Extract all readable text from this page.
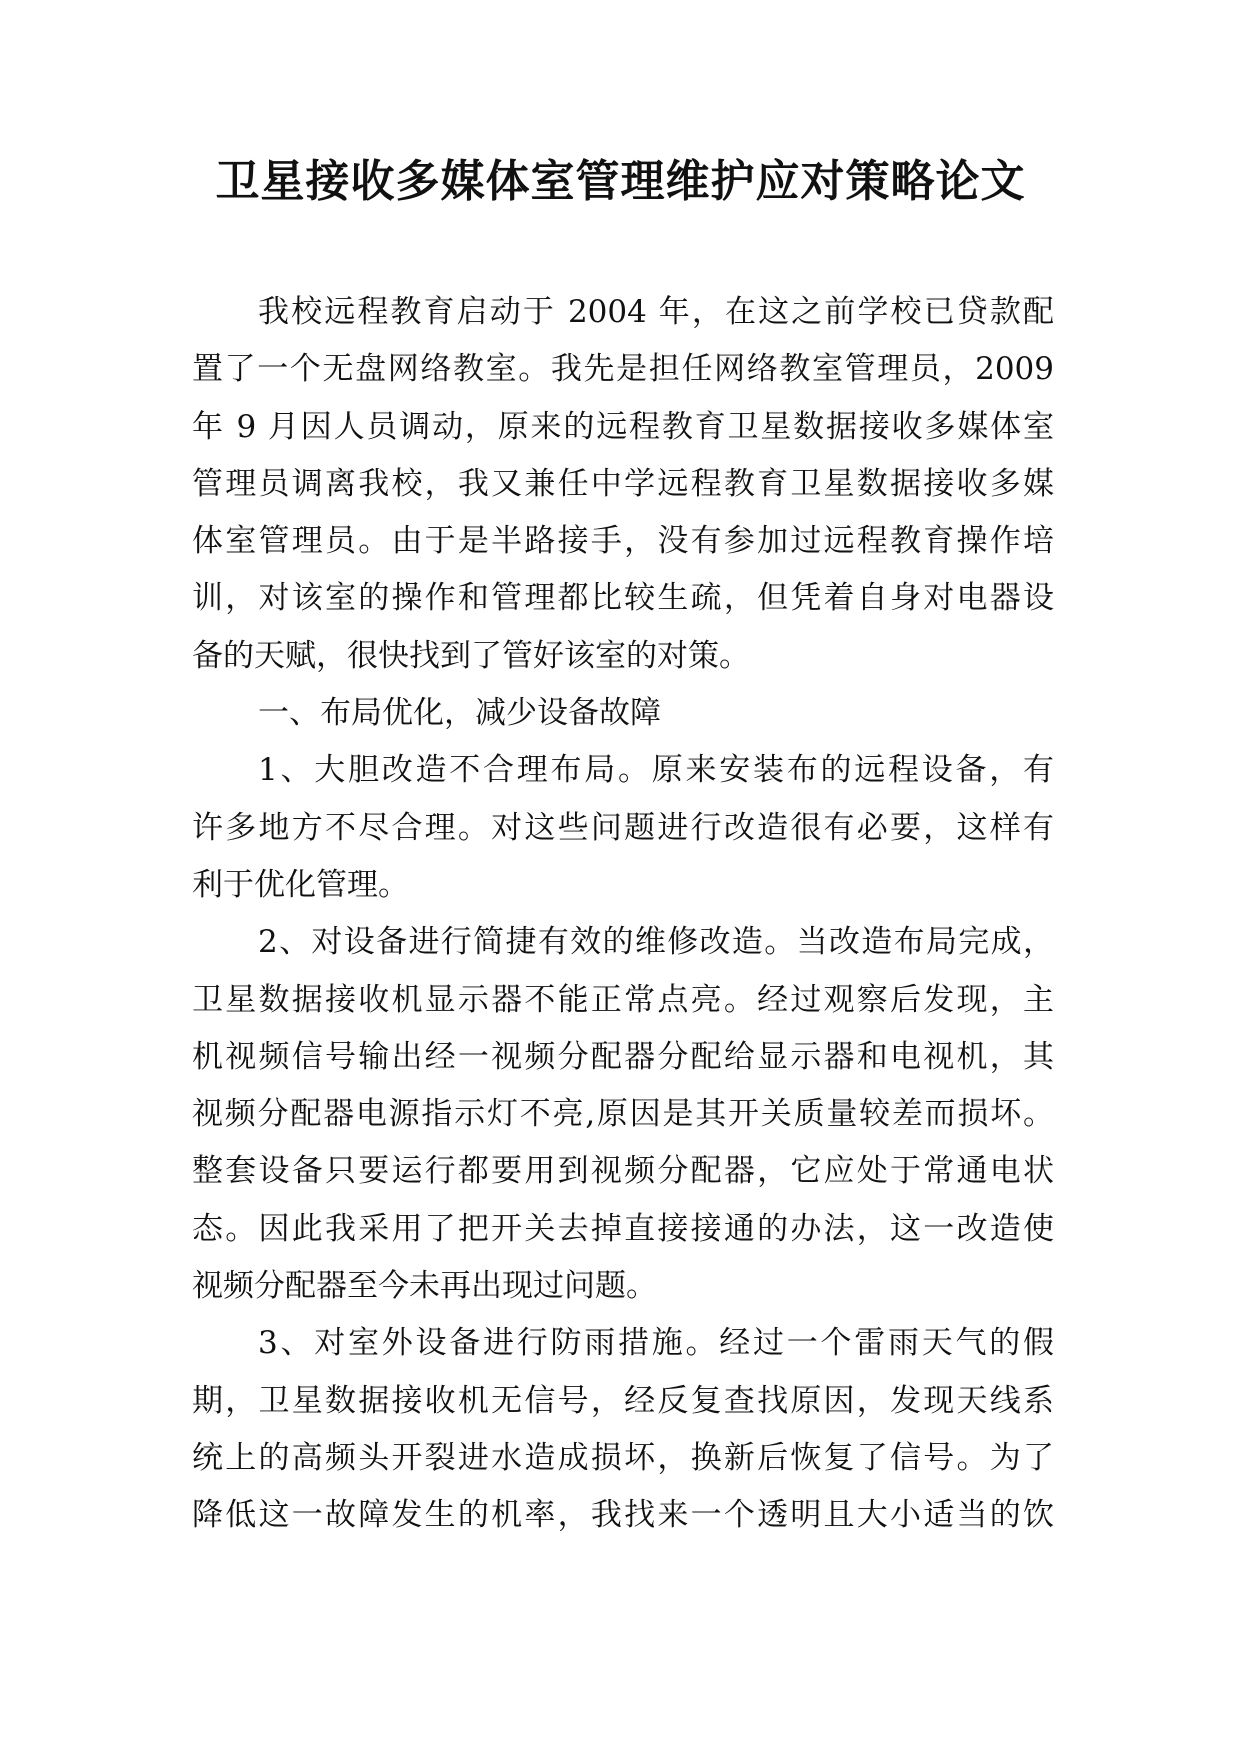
卫星接收多媒体室管理维护应对策略论文
我校远程教育启动于 2004 年，在这之前学校已贷款配
置了一个无盘网络教室。我先是担任网络教室管理员，2009
年 9 月因人员调动，原来的远程教育卫星数据接收多媒体室
管理员调离我校，我又兼任中学远程教育卫星数据接收多媒
体室管理员。由于是半路接手，没有参加过远程教育操作培
训，对该室的操作和管理都比较生疏，但凭着自身对电器设
备的天赋，很快找到了管好该室的对策。
一、布局优化，减少设备故障
1、大胆改造不合理布局。原来安装布的远程设备，有
许多地方不尽合理。对这些问题进行改造很有必要，这样有
利于优化管理。
2、对设备进行简捷有效的维修改造。当改造布局完成，
卫星数据接收机显示器不能正常点亮。经过观察后发现，主
机视频信号输出经一视频分配器分配给显示器和电视机，其
视频分配器电源指示灯不亮,原因是其开关质量较差而损坏。
整套设备只要运行都要用到视频分配器，它应处于常通电状
态。因此我采用了把开关去掉直接接通的办法，这一改造使
视频分配器至今未再出现过问题。
3、对室外设备进行防雨措施。经过一个雷雨天气的假
期，卫星数据接收机无信号，经反复查找原因，发现天线系
统上的高频头开裂进水造成损坏，换新后恢复了信号。为了
降低这一故障发生的机率，我找来一个透明且大小适当的饮
